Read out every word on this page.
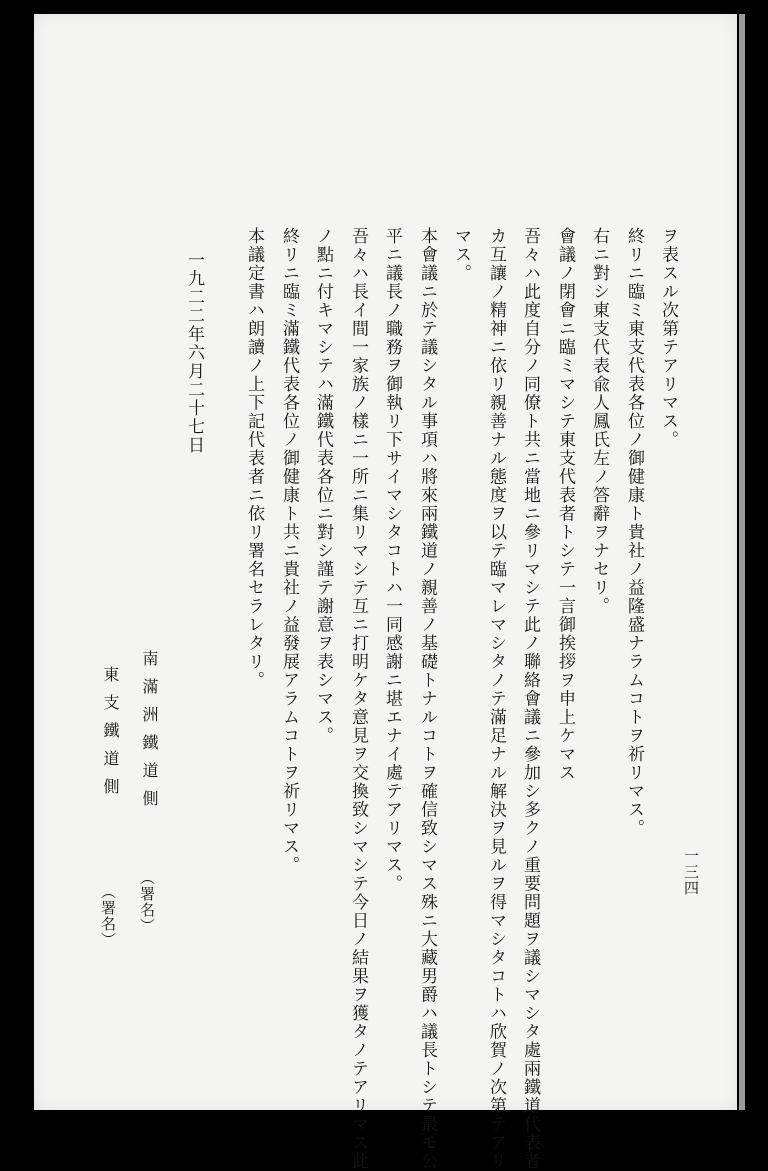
一三四
ヲ表スル次第テアリマス。
終リニ臨ミ東支代表各位ノ御健康ト貴社ノ益隆盛ナラムコトヲ祈リマス。
右ニ對シ東支代表兪人鳳氏左ノ答辭ヲナセリ。
會議ノ閉會ニ臨ミマシテ東支代表者トシテ一言御挨拶ヲ申上ケマス
吾々ハ此度自分ノ同僚ト共ニ當地ニ參リマシテ此ノ聯絡會議ニ參加シ多クノ重要問題ヲ議シマシタ處兩鐵道代表者
カ互讓ノ精神ニ依リ親善ナル態度ヲ以テ臨マレマシタノテ滿足ナル解決ヲ見ルヲ得マシタコトハ欣賀ノ次第テアリ
マス。
本會議ニ於テ議シタル事項ハ將來兩鐵道ノ親善ノ基礎トナルコトヲ確信致シマス殊ニ大藏男爵ハ議長トシテ最モ公
平ニ議長ノ職務ヲ御執リ下サイマシタコトハ一同感謝ニ堪エナイ處テアリマス。
吾々ハ長イ間一家族ノ樣ニ一所ニ集リマシテ互ニ打明ケタ意見ヲ交換致シマシテ今日ノ結果ヲ獲タノテアリマス此
ノ點ニ付キマシテハ滿鐵代表各位ニ對シ謹テ謝意ヲ表シマス。
終リニ臨ミ滿鐵代表各位ノ御健康ト共ニ貴社ノ益發展アラムコトヲ祈リマス。
本議定書ハ朗讀ノ上下記代表者ニ依リ署名セラレタリ。
一九二二年六月二十七日
南滿洲鐵道側
東支鐵道側
（署名）
（署名）
